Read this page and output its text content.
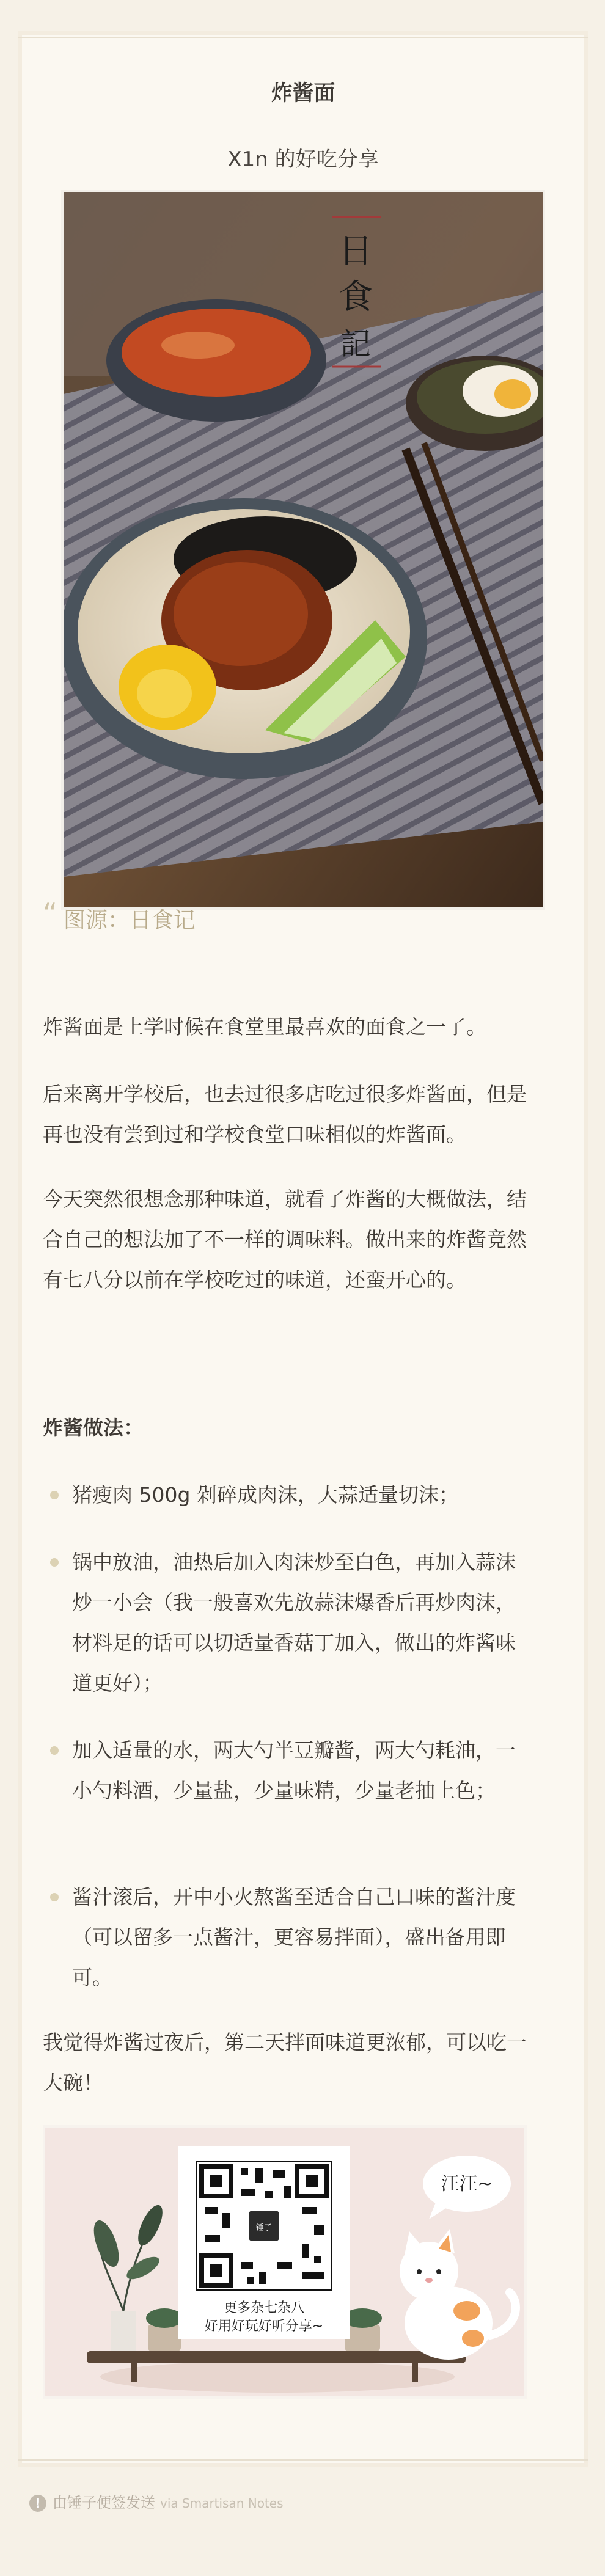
炸酱面
X1n 的好吃分享
日
食
記
“ 图源：日食记
炸酱面是上学时候在食堂里最喜欢的面食之一了。
后来离开学校后，也去过很多店吃过很多炸酱面，但是再也没有尝到过和学校食堂口味相似的炸酱面。
今天突然很想念那种味道，就看了炸酱的大概做法，结合自己的想法加了不一样的调味料。做出来的炸酱竟然有七八分以前在学校吃过的味道，还蛮开心的。
炸酱做法：
猪瘦肉 500g 剁碎成肉沫，大蒜适量切沫；
锅中放油，油热后加入肉沫炒至白色，再加入蒜沫炒一小会（我一般喜欢先放蒜沫爆香后再炒肉沫，材料足的话可以切适量香菇丁加入，做出的炸酱味道更好）；
加入适量的水，两大勺半豆瓣酱，两大勺耗油，一小勺料酒，少量盐，少量味精，少量老抽上色；
酱汁滚后，开中小火熬酱至适合自己口味的酱汁度（可以留多一点酱汁，更容易拌面），盛出备用即可。
我觉得炸酱过夜后，第二天拌面味道更浓郁，可以吃一大碗！
锤子
更多杂七杂八
好用好玩好听分享~
汪汪~
! 由锤子便签发送 via Smartisan Notes
